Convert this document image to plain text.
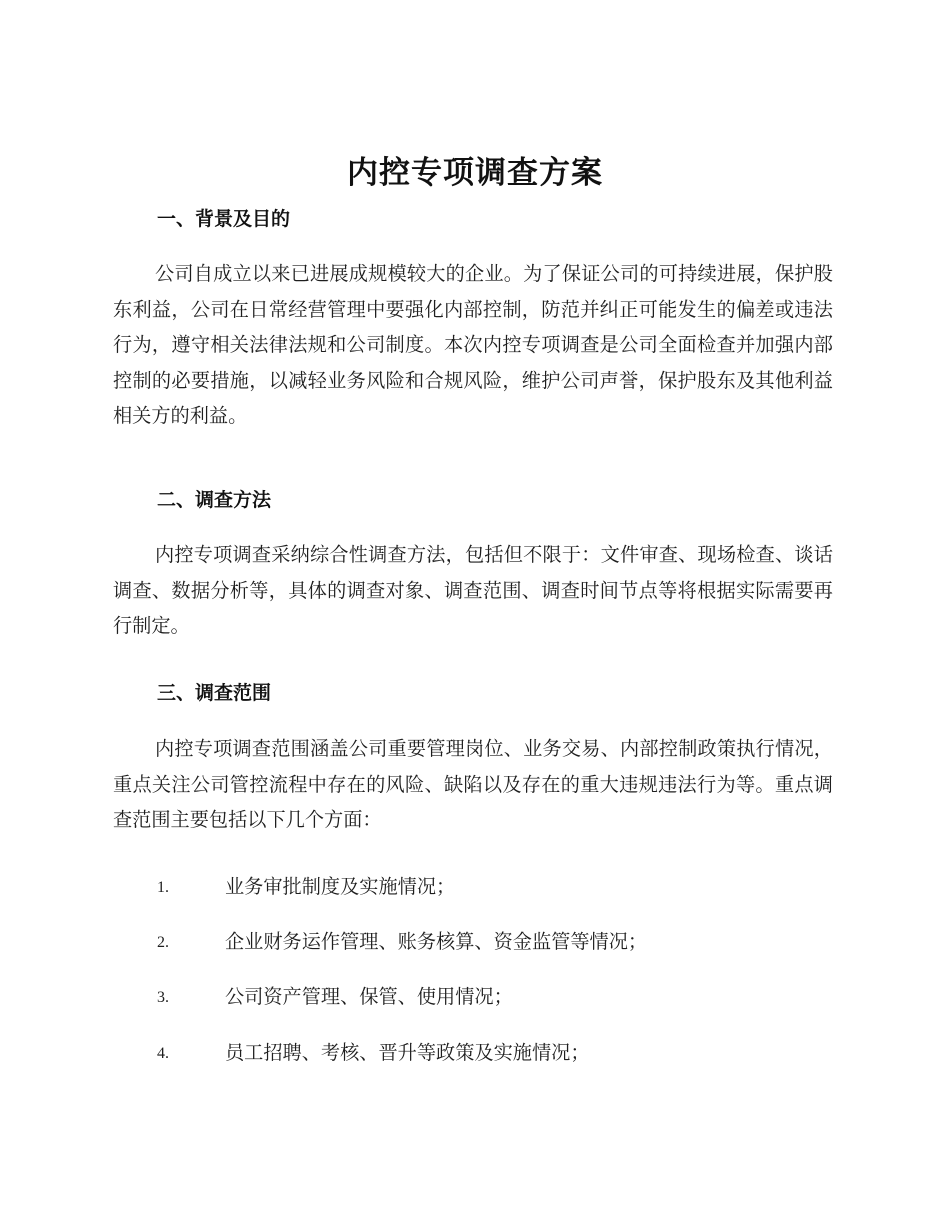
内控专项调查方案
一、背景及目的
公司自成立以来已进展成规模较大的企业。为了保证公司的可持续进展，保护股东利益，公司在日常经营管理中要强化内部控制，防范并纠正可能发生的偏差或违法行为，遵守相关法律法规和公司制度。本次内控专项调查是公司全面检查并加强内部控制的必要措施，以减轻业务风险和合规风险，维护公司声誉，保护股东及其他利益相关方的利益。
二、调查方法
内控专项调查采纳综合性调查方法，包括但不限于：文件审查、现场检查、谈话调查、数据分析等，具体的调查对象、调查范围、调查时间节点等将根据实际需要再行制定。
三、调查范围
内控专项调查范围涵盖公司重要管理岗位、业务交易、内部控制政策执行情况，重点关注公司管控流程中存在的风险、缺陷以及存在的重大违规违法行为等。重点调查范围主要包括以下几个方面：
1.	业务审批制度及实施情况；
2.	企业财务运作管理、账务核算、资金监管等情况；
3.	公司资产管理、保管、使用情况；
4.	员工招聘、考核、晋升等政策及实施情况；
